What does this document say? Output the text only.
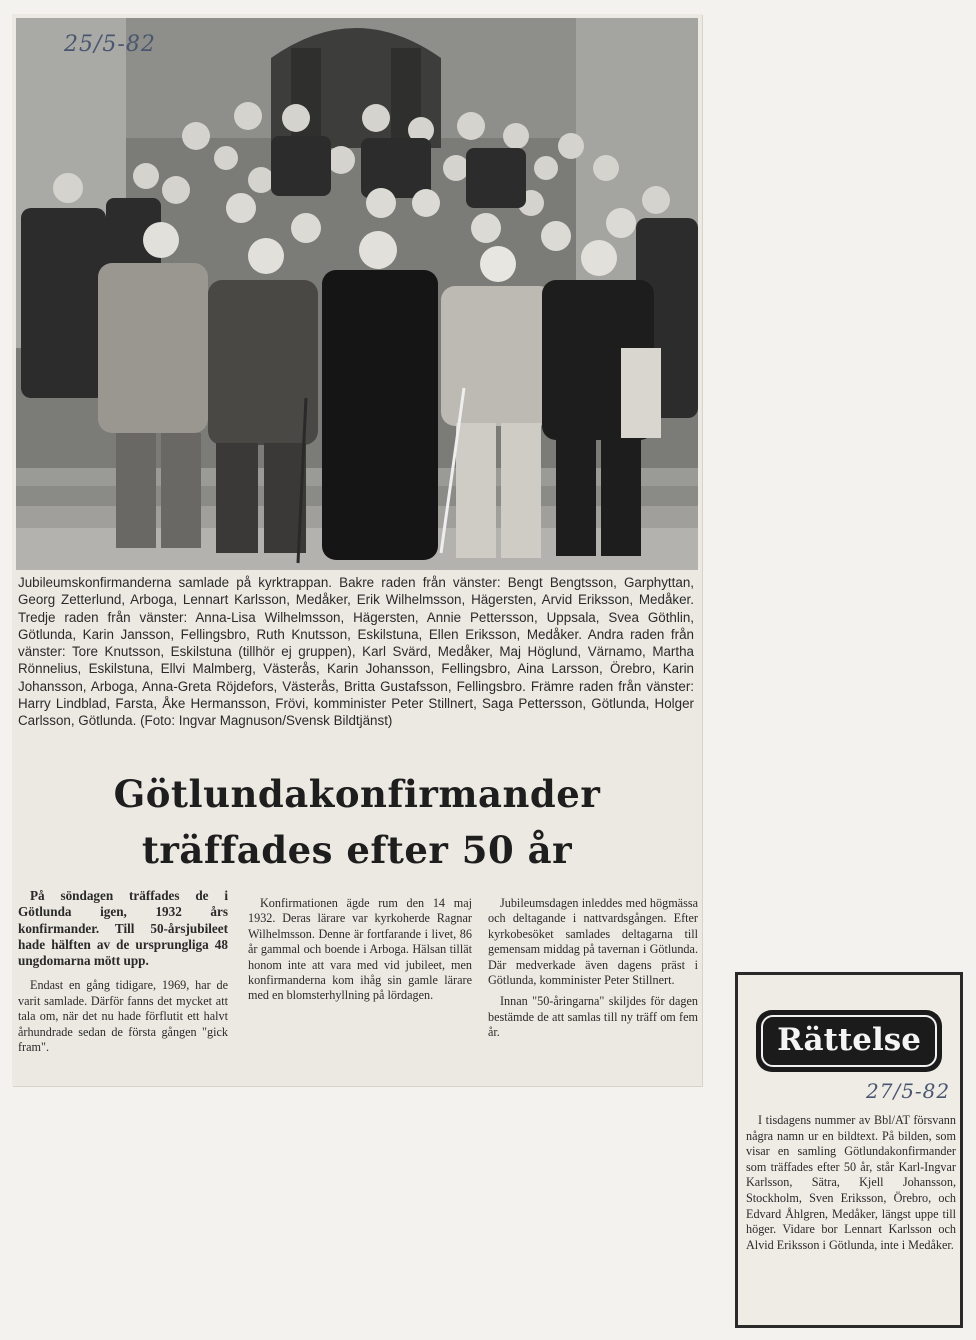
25/5-82
Jubileumskonfirmanderna samlade på kyrktrappan. Bakre raden från vänster: Bengt Bengtsson, Garphyttan, Georg Zetterlund, Arboga, Lennart Karlsson, Medåker, Erik Wilhelmsson, Hägersten, Arvid Eriksson, Medåker. Tredje raden från vänster: Anna-Lisa Wilhelmsson, Hägersten, Annie Pettersson, Uppsala, Svea Göthlin, Götlunda, Karin Jansson, Fellingsbro, Ruth Knutsson, Eskilstuna, Ellen Eriksson, Medåker. Andra raden från vänster: Tore Knutsson, Eskilstuna (tillhör ej gruppen), Karl Svärd, Medåker, Maj Höglund, Värnamo, Martha Rönnelius, Eskilstuna, Ellvi Malmberg, Västerås, Karin Johansson, Fellingsbro, Aina Larsson, Örebro, Karin Johansson, Arboga, Anna-Greta Röjdefors, Västerås, Britta Gustafsson, Fellingsbro. Främre raden från vänster: Harry Lindblad, Farsta, Åke Hermansson, Frövi, komminister Peter Stillnert, Saga Pettersson, Götlunda, Holger Carlsson, Götlunda. (Foto: Ingvar Magnuson/Svensk Bildtjänst)
Götlundakonfirmander
träffades efter 50 år

På söndagen träffades de i Götlunda igen, 1932 års konfirmander. Till 50-årsjubileet hade hälften av de ursprungliga 48 ungdomarna mött upp.

Endast en gång tidigare, 1969, har de varit samlade. Därför fanns det mycket att tala om, när det nu hade förflutit ett halvt århundrade sedan de första gången "gick fram".

Konfirmationen ägde rum den 14 maj 1932. Deras lärare var kyrkoherde Ragnar Wilhelmsson. Denne är fortfarande i livet, 86 år gammal och boende i Arboga. Hälsan tillät honom inte att vara med vid jubileet, men konfirmanderna kom ihåg sin gamle lärare med en blomsterhyllning på lördagen.

Jubileumsdagen inleddes med högmässa och deltagande i nattvardsgången. Efter kyrkobesöket samlades deltagarna till gemensam middag på tavernan i Götlunda. Där medverkade även dagens präst i Götlunda, komminister Peter Stillnert.

Innan "50-åringarna" skiljdes för dagen bestämde de att samlas till ny träff om fem år.	Rättelse
27/5-82

I tisdagens nummer av Bbl/AT försvann några namn ur en bildtext. På bilden, som visar en samling Götlundakonfirmander som träffades efter 50 år, står Karl-Ingvar Karlsson, Sätra, Kjell Johansson, Stockholm, Sven Eriksson, Örebro, och Edvard Åhlgren, Medåker, längst uppe till höger. Vidare bor Lennart Karlsson och Alvid Eriksson i Götlunda, inte i Medåker.
